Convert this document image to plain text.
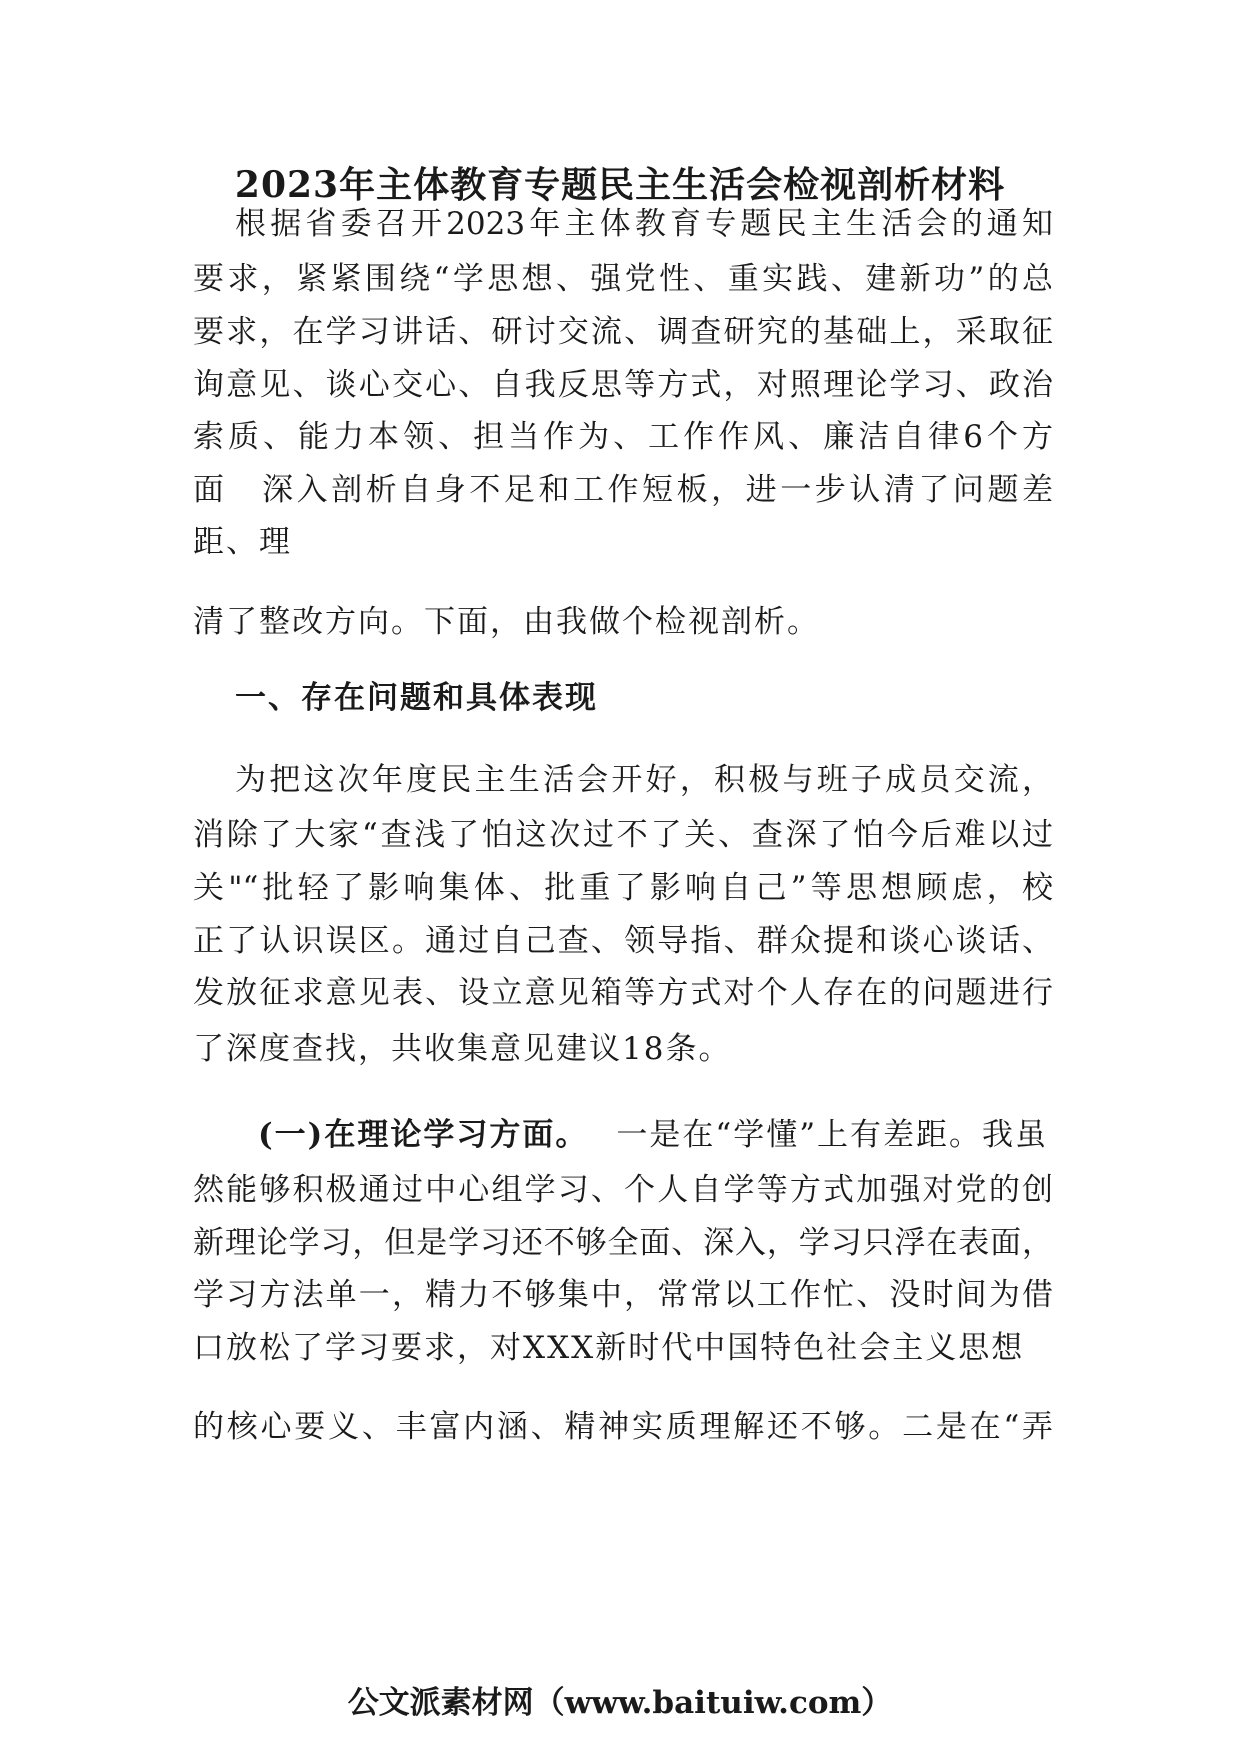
2023年主体教育专题民主生活会检视剖析材料
根据省委召开2023年主体教育专题民主生活会的通知
要求，紧紧围绕“学思想、强党性、重实践、建新功”的总
要求，在学习讲话、研讨交流、调查研究的基础上，采取征
询意见、谈心交心、自我反思等方式，对照理论学习、政治
索质、能力本领、担当作为、工作作风、廉洁自律6个方
面　深入剖析自身不足和工作短板，进一步认清了问题差
距、理
清了整改方向。下面，由我做个检视剖析。
一、存在问题和具体表现
为把这次年度民主生活会开好，积极与班子成员交流，
消除了大家“查浅了怕这次过不了关、查深了怕今后难以过
关"“批轻了影响集体、批重了影响自己”等思想顾虑，校
正了认识误区。通过自己查、领导指、群众提和谈心谈话、
发放征求意见表、设立意见箱等方式对个人存在的问题进行
了深度查找，共收集意见建议18条。
(一)在理论学习方面。 一是在“学懂”上有差距。我虽
然能够积极通过中心组学习、个人自学等方式加强对党的创
新理论学习，但是学习还不够全面、深入，学习只浮在表面，
学习方法单一，精力不够集中，常常以工作忙、没时间为借
口放松了学习要求，对XXX新时代中国特色社会主义思想
的核心要义、丰富内涵、精神实质理解还不够。二是在“弄
公文派素材网（www.baituiw.com）
